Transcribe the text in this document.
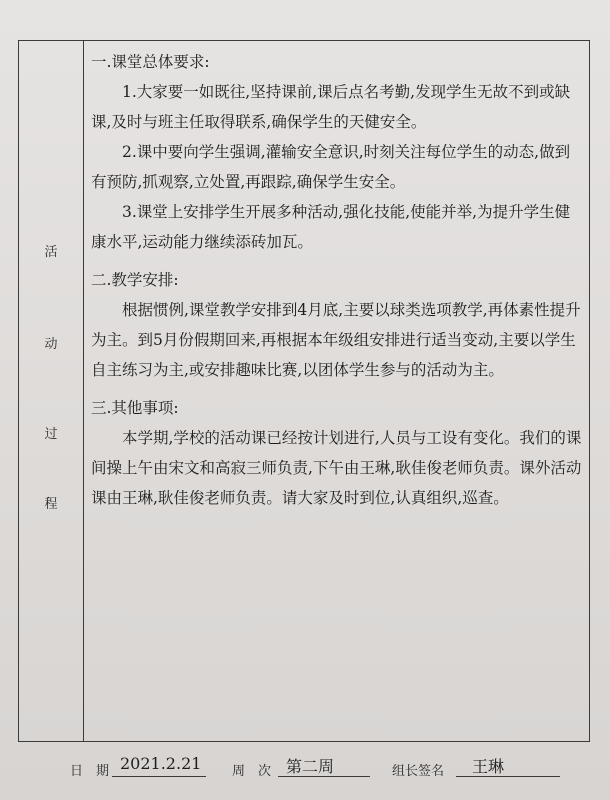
活
动
过
程

一.课堂总体要求:

1.大家要一如既往,坚持课前,课后点名考勤,发现学生无故不到或缺课,及时与班主任取得联系,确保学生的天健安全。

2.课中要向学生强调,灌输安全意识,时刻关注每位学生的动态,做到有预防,抓观察,立处置,再跟踪,确保学生安全。

3.课堂上安排学生开展多种活动,强化技能,使能并举,为提升学生健康水平,运动能力继续添砖加瓦。

二.教学安排:

根据惯例,课堂教学安排到4月底,主要以球类选项教学,再体素性提升为主。到5月份假期回来,再根据本年级组安排进行适当变动,主要以学生自主练习为主,或安排趣味比赛,以团体学生参与的活动为主。

三.其他事项:

本学期,学校的活动课已经按计划进行,人员与工设有变化。我们的课间操上午由宋文和高寂三师负责,下午由王琳,耿佳俊老师负责。课外活动课由王琳,耿佳俊老师负责。请大家及时到位,认真组织,巡查。

日　期 2021.2.21	周　次 第二周	组长签名 王琳
